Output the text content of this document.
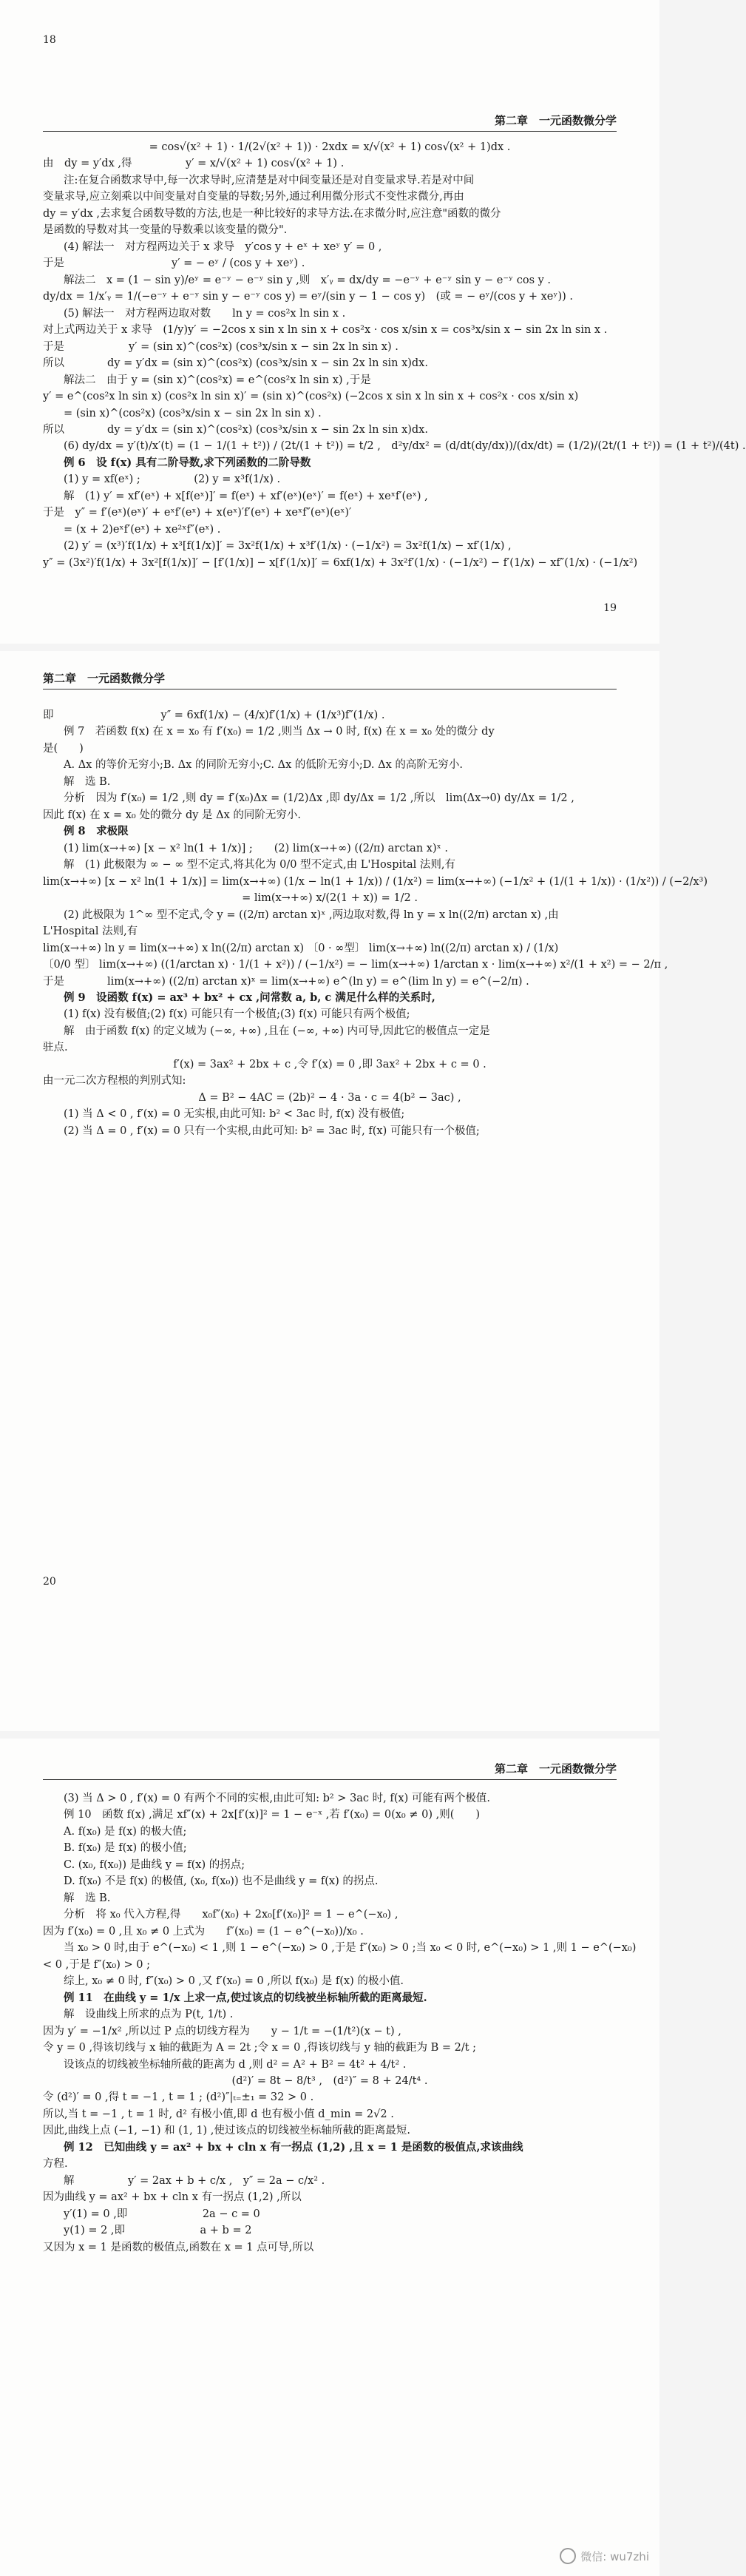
18
第二章　一元函数微分学
= cos√(x² + 1) · 1/(2√(x² + 1)) · 2xdx = x/√(x² + 1) cos√(x² + 1)dx .
由　dy = y′dx ,得　　　　　y′ = x/√(x² + 1) cos√(x² + 1) .
注:在复合函数求导中,每一次求导时,应清楚是对中间变量还是对自变量求导.若是对中间
变量求导,应立刻乘以中间变量对自变量的导数;另外,通过利用微分形式不变性求微分,再由
dy = y′dx ,去求复合函数导数的方法,也是一种比较好的求导方法.在求微分时,应注意"函数的微分
是函数的导数对其一变量的导数乘以该变量的微分".
(4) 解法一　对方程两边关于 x 求导　y′cos y + eˣ + xeʸ y′ = 0 ,
于是　　　　　　　　　　y′ = − eʸ / (cos y + xeʸ) .
解法二　x = (1 − sin y)/eʸ = e⁻ʸ − e⁻ʸ sin y ,则　x′ᵧ = dx/dy = −e⁻ʸ + e⁻ʸ sin y − e⁻ʸ cos y .
dy/dx = 1/x′ᵧ = 1/(−e⁻ʸ + e⁻ʸ sin y − e⁻ʸ cos y) = eʸ/(sin y − 1 − cos y)　(或 = − eʸ/(cos y + xeʸ)) .
(5) 解法一　对方程两边取对数　　ln y = cos²x ln sin x .
对上式两边关于 x 求导　(1/y)y′ = −2cos x sin x ln sin x + cos²x · cos x/sin x = cos³x/sin x − sin 2x ln sin x .
于是　　　　　　y′ = (sin x)^(cos²x) (cos³x/sin x − sin 2x ln sin x) .
所以　　　　dy = y′dx = (sin x)^(cos²x) (cos³x/sin x − sin 2x ln sin x)dx.
解法二　由于 y = (sin x)^(cos²x) = e^(cos²x ln sin x) ,于是
y′ = e^(cos²x ln sin x) (cos²x ln sin x)′ = (sin x)^(cos²x) (−2cos x sin x ln sin x + cos²x · cos x/sin x)
= (sin x)^(cos²x) (cos³x/sin x − sin 2x ln sin x) .
所以　　　　dy = y′dx = (sin x)^(cos²x) (cos³x/sin x − sin 2x ln sin x)dx.
(6) dy/dx = y′(t)/x′(t) = (1 − 1/(1 + t²)) / (2t/(1 + t²)) = t/2 ,　d²y/dx² = (d/dt(dy/dx))/(dx/dt) = (1/2)/(2t/(1 + t²)) = (1 + t²)/(4t) .
例 6　设 f(x) 具有二阶导数,求下列函数的二阶导数
(1) y = xf(eˣ) ;　　　　　(2) y = x³f(1/x) .
解　(1) y′ = xf′(eˣ) + x[f(eˣ)]′ = f(eˣ) + xf′(eˣ)(eˣ)′ = f(eˣ) + xeˣf′(eˣ) ,
于是　y″ = f′(eˣ)(eˣ)′ + eˣf′(eˣ) + x(eˣ)′f′(eˣ) + xeˣf″(eˣ)(eˣ)′
= (x + 2)eˣf′(eˣ) + xe²ˣf″(eˣ) .
(2) y′ = (x³)′f(1/x) + x³[f(1/x)]′ = 3x²f(1/x) + x³f′(1/x) · (−1/x²) = 3x²f(1/x) − xf′(1/x) ,
y″ = (3x²)′f(1/x) + 3x²[f(1/x)]′ − [f′(1/x)] − x[f′(1/x)]′ = 6xf(1/x) + 3x²f′(1/x) · (−1/x²) − f′(1/x) − xf″(1/x) · (−1/x²)
19
第二章　一元函数微分学
即　　　　　　　　　　y″ = 6xf(1/x) − (4/x)f′(1/x) + (1/x³)f″(1/x) .
例 7　若函数 f(x) 在 x = x₀ 有 f′(x₀) = 1/2 ,则当 Δx → 0 时, f(x) 在 x = x₀ 处的微分 dy
是(　　)
A. Δx 的等价无穷小;B. Δx 的同阶无穷小;C. Δx 的低阶无穷小;D. Δx 的高阶无穷小.
解　选 B.
分析　因为 f′(x₀) = 1/2 ,则 dy = f′(x₀)Δx = (1/2)Δx ,即 dy/Δx = 1/2 ,所以　lim(Δx→0) dy/Δx = 1/2 ,
因此 f(x) 在 x = x₀ 处的微分 dy 是 Δx 的同阶无穷小.
例 8　求极限
(1) lim(x→+∞) [x − x² ln(1 + 1/x)] ;　　(2) lim(x→+∞) ((2/π) arctan x)ˣ .
解　(1) 此极限为 ∞ − ∞ 型不定式,将其化为 0/0 型不定式,由 L'Hospital 法则,有
lim(x→+∞) [x − x² ln(1 + 1/x)] = lim(x→+∞) (1/x − ln(1 + 1/x)) / (1/x²) = lim(x→+∞) (−1/x² + (1/(1 + 1/x)) · (1/x²)) / (−2/x³)
= lim(x→+∞) x/(2(1 + x)) = 1/2 .
(2) 此极限为 1^∞ 型不定式,令 y = ((2/π) arctan x)ˣ ,两边取对数,得 ln y = x ln((2/π) arctan x) ,由
L'Hospital 法则,有
lim(x→+∞) ln y = lim(x→+∞) x ln((2/π) arctan x) 〔0 · ∞型〕 lim(x→+∞) ln((2/π) arctan x) / (1/x)
〔0/0 型〕 lim(x→+∞) ((1/arctan x) · 1/(1 + x²)) / (−1/x²) = − lim(x→+∞) 1/arctan x · lim(x→+∞) x²/(1 + x²) = − 2/π ,
于是　　　　lim(x→+∞) ((2/π) arctan x)ˣ = lim(x→+∞) e^(ln y) = e^(lim ln y) = e^(−2/π) .
例 9　设函数 f(x) = ax³ + bx² + cx ,问常数 a, b, c 满足什么样的关系时,
(1) f(x) 没有极值;(2) f(x) 可能只有一个极值;(3) f(x) 可能只有两个极值;
解　由于函数 f(x) 的定义域为 (−∞, +∞) ,且在 (−∞, +∞) 内可导,因此它的极值点一定是
驻点.
f′(x) = 3ax² + 2bx + c ,令 f′(x) = 0 ,即 3ax² + 2bx + c = 0 .
由一元二次方程根的判别式知:
Δ = B² − 4AC = (2b)² − 4 · 3a · c = 4(b² − 3ac) ,
(1) 当 Δ < 0 , f′(x) = 0 无实根,由此可知: b² < 3ac 时, f(x) 没有极值;
(2) 当 Δ = 0 , f′(x) = 0 只有一个实根,由此可知: b² = 3ac 时, f(x) 可能只有一个极值;
20
第二章　一元函数微分学
(3) 当 Δ > 0 , f′(x) = 0 有两个不同的实根,由此可知: b² > 3ac 时, f(x) 可能有两个极值.
例 10　函数 f(x) ,满足 xf″(x) + 2x[f′(x)]² = 1 − e⁻ˣ ,若 f′(x₀) = 0(x₀ ≠ 0) ,则(　　)
A. f(x₀) 是 f(x) 的极大值;
B. f(x₀) 是 f(x) 的极小值;
C. (x₀, f(x₀)) 是曲线 y = f(x) 的拐点;
D. f(x₀) 不是 f(x) 的极值, (x₀, f(x₀)) 也不是曲线 y = f(x) 的拐点.
解　选 B.
分析　将 x₀ 代入方程,得　　x₀f″(x₀) + 2x₀[f′(x₀)]² = 1 − e^(−x₀) ,
因为 f′(x₀) = 0 ,且 x₀ ≠ 0 上式为　　f″(x₀) = (1 − e^(−x₀))/x₀ .
当 x₀ > 0 时,由于 e^(−x₀) < 1 ,则 1 − e^(−x₀) > 0 ,于是 f″(x₀) > 0 ;当 x₀ < 0 时, e^(−x₀) > 1 ,则 1 − e^(−x₀)
< 0 ,于是 f″(x₀) > 0 ;
综上, x₀ ≠ 0 时, f″(x₀) > 0 ,又 f′(x₀) = 0 ,所以 f(x₀) 是 f(x) 的极小值.
例 11　在曲线 y = 1/x 上求一点,使过该点的切线被坐标轴所截的距离最短.
解　设曲线上所求的点为 P(t, 1/t) .
因为 y′ = −1/x² ,所以过 P 点的切线方程为　　y − 1/t = −(1/t²)(x − t) ,
令 y = 0 ,得该切线与 x 轴的截距为 A = 2t ;令 x = 0 ,得该切线与 y 轴的截距为 B = 2/t ;
设该点的切线被坐标轴所截的距离为 d ,则 d² = A² + B² = 4t² + 4/t² .
(d²)′ = 8t − 8/t³ ,　(d²)″ = 8 + 24/t⁴ .
令 (d²)′ = 0 ,得 t = −1 , t = 1 ; (d²)″|ₜ₌±₁ = 32 > 0 .
所以,当 t = −1 , t = 1 时, d² 有极小值,即 d 也有极小值 d_min = 2√2 .
因此,曲线上点 (−1, −1) 和 (1, 1) ,使过该点的切线被坐标轴所截的距离最短.
例 12　已知曲线 y = ax² + bx + cln x 有一拐点 (1,2) ,且 x = 1 是函数的极值点,求该曲线
方程.
解　　　　　y′ = 2ax + b + c/x ,　y″ = 2a − c/x² .
因为曲线 y = ax² + bx + cln x 有一拐点 (1,2) ,所以
y′(1) = 0 ,即　　　　　　　2a − c = 0
y(1) = 2 ,即　　　　　　　a + b = 2
又因为 x = 1 是函数的极值点,函数在 x = 1 点可导,所以
微信: wu7zhi
